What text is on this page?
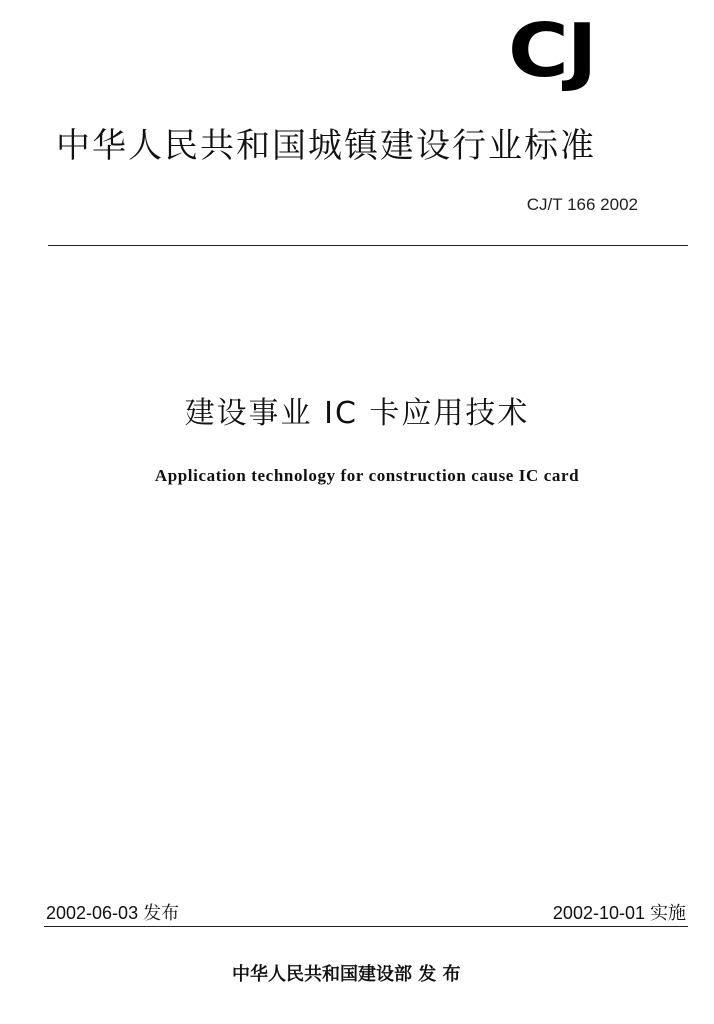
CJ
中华人民共和国城镇建设行业标准
CJ/T 166 2002
建设事业 IC 卡应用技术
Application technology for construction cause IC card
2002-06-03 发布	2002-10-01 实施
中华人民共和国建设部 发 布
